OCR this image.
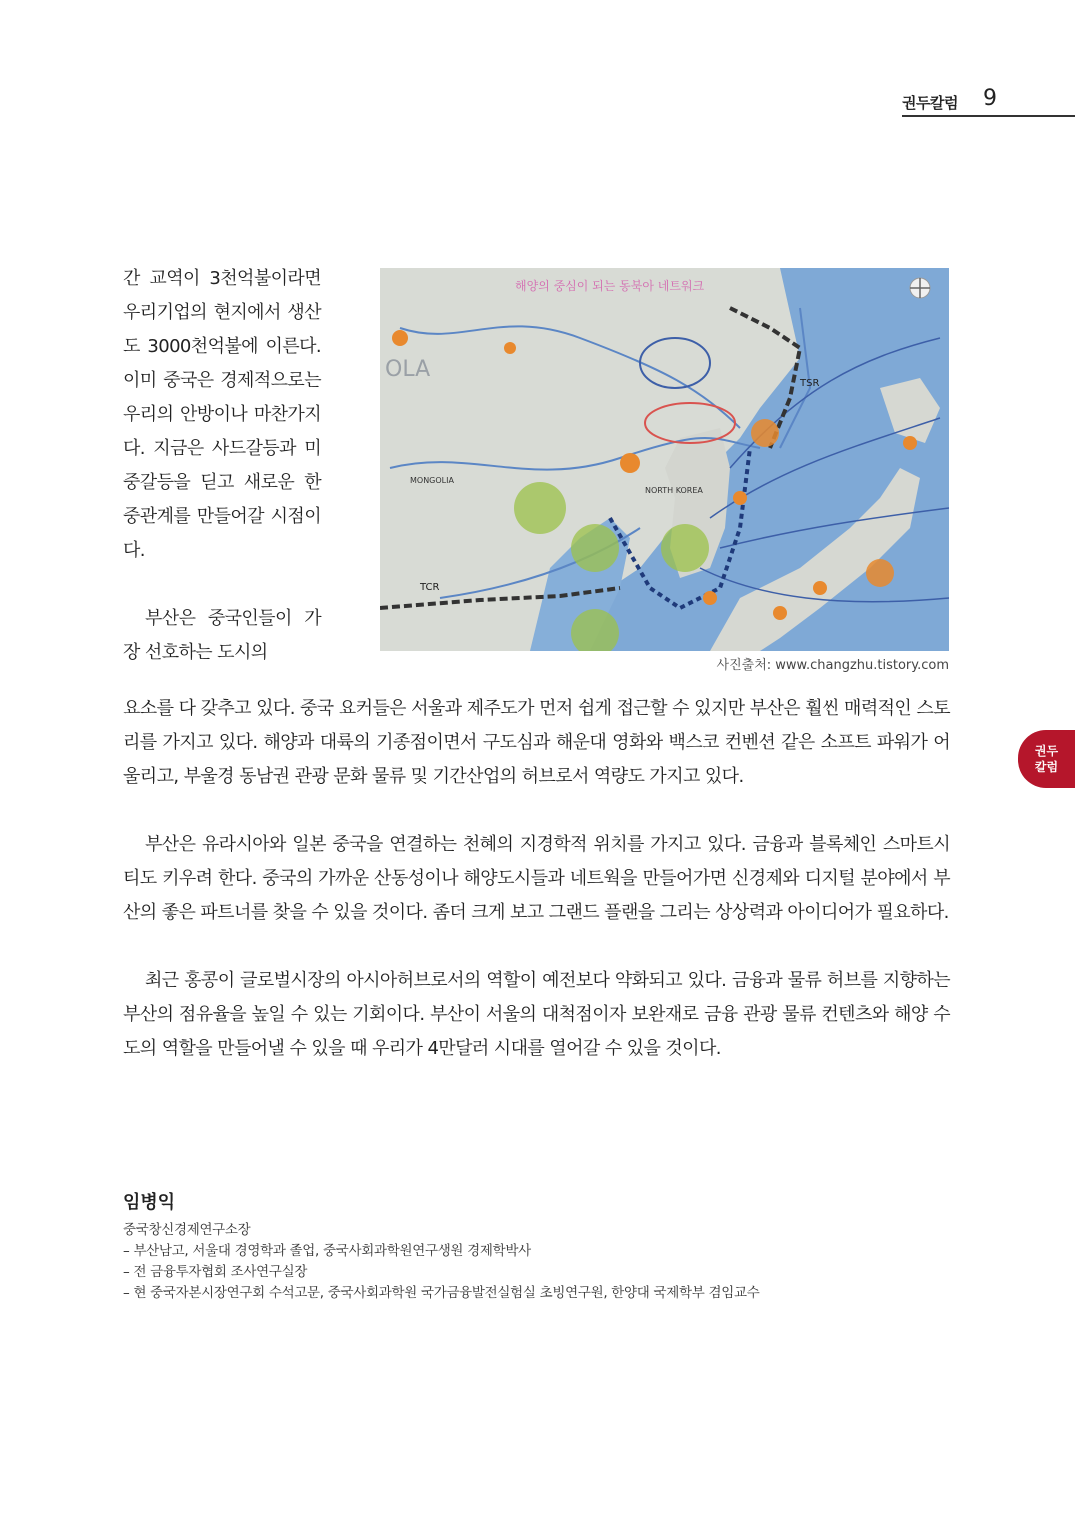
권두칼럼 9
권두
칼럼

간 교역이 3천억불이라면 우리기업의 현지에서 생산도 3000천억불에 이른다. 이미 중국은 경제적으로는 우리의 안방이나 마찬가지다. 지금은 사드갈등과 미중갈등을 딛고 새로운 한중관계를 만들어갈 시점이다.

부산은 중국인들이 가장 선호하는 도시의

해양의 중심이 되는 동북아 네트워크
OLA
TSR
TCR
MONGOLIA
NORTH KOREA
사진출처: www.changzhu.tistory.com

요소를 다 갖추고 있다. 중국 요커들은 서울과 제주도가 먼저 쉽게 접근할 수 있지만 부산은 훨씬 매력적인 스토리를 가지고 있다. 해양과 대륙의 기종점이면서 구도심과 해운대 영화와 백스코 컨벤션 같은 소프트 파워가 어울리고, 부울경 동남권 관광 문화 물류 및 기간산업의 허브로서 역량도 가지고 있다.

부산은 유라시아와 일본 중국을 연결하는 천혜의 지경학적 위치를 가지고 있다. 금융과 블록체인 스마트시티도 키우려 한다. 중국의 가까운 산동성이나 해양도시들과 네트웍을 만들어가면 신경제와 디지털 분야에서 부산의 좋은 파트너를 찾을 수 있을 것이다. 좀더 크게 보고 그랜드 플랜을 그리는 상상력과 아이디어가 필요하다.

최근 홍콩이 글로벌시장의 아시아허브로서의 역할이 예전보다 약화되고 있다. 금융과 물류 허브를 지향하는 부산의 점유율을 높일 수 있는 기회이다. 부산이 서울의 대척점이자 보완재로 금융 관광 물류 컨텐츠와 해양 수도의 역할을 만들어낼 수 있을 때 우리가 4만달러 시대를 열어갈 수 있을 것이다.

임병익
중국창신경제연구소장
– 부산남고, 서울대 경영학과 졸업, 중국사회과학원연구생원 경제학박사
– 전 금융투자협회 조사연구실장
– 현 중국자본시장연구회 수석고문, 중국사회과학원 국가금융발전실험실 초빙연구원, 한양대 국제학부 겸임교수
